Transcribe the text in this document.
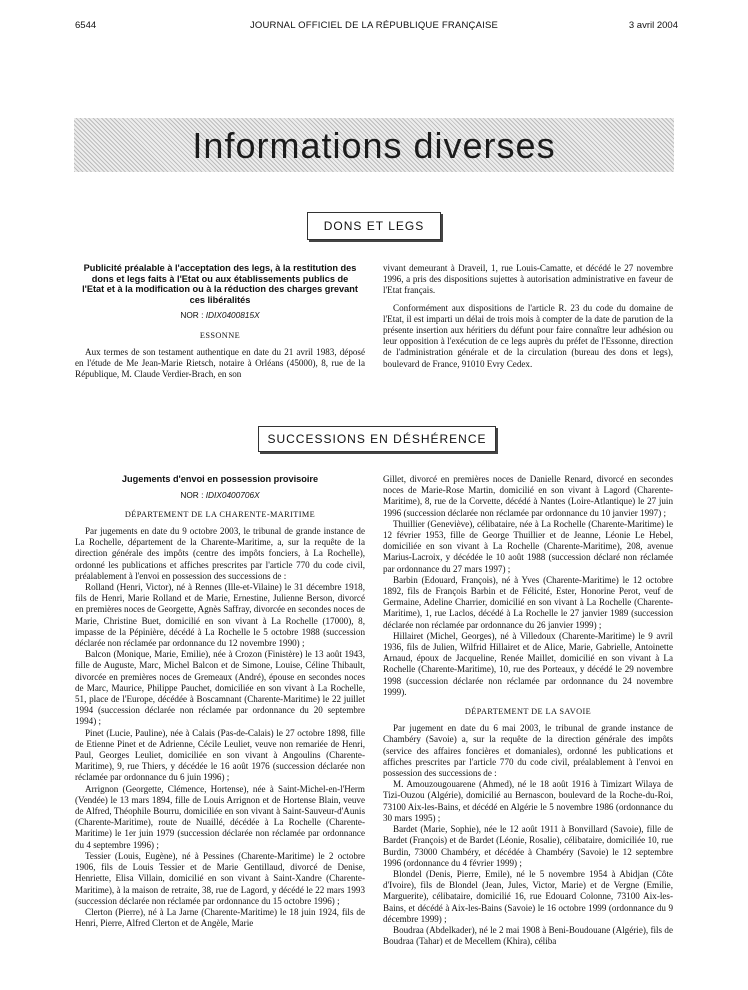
6544	JOURNAL OFFICIEL DE LA RÉPUBLIQUE FRANÇAISE	3 avril 2004
Informations diverses
DONS ET LEGS
Publicité préalable à l'acceptation des legs, à la restitution des dons et legs faits à l'Etat ou aux établissements publics de l'Etat et à la modification ou à la réduction des charges grevant ces libéralités
NOR : IDIX0400815X
ESSONNE

Aux termes de son testament authentique en date du 21 avril 1983, déposé en l'étude de Me Jean-Marie Rietsch, notaire à Orléans (45000), 8, rue de la République, M. Claude Verdier-Brach, en son

vivant demeurant à Draveil, 1, rue Louis-Camatte, et décédé le 27 novembre 1996, a pris des dispositions sujettes à autorisation administrative en faveur de l'Etat français.

Conformément aux dispositions de l'article R. 23 du code du domaine de l'Etat, il est imparti un délai de trois mois à compter de la date de parution de la présente insertion aux héritiers du défunt pour faire connaître leur adhésion ou leur opposition à l'exécution de ce legs auprès du préfet de l'Essonne, direction de l'administration générale et de la circulation (bureau des dons et legs), boulevard de France, 91010 Evry Cedex.

SUCCESSIONS EN DÉSHÉRENCE
Jugements d'envoi en possession provisoire
NOR : IDIX0400706X
DÉPARTEMENT DE LA CHARENTE-MARITIME

Par jugements en date du 9 octobre 2003, le tribunal de grande instance de La Rochelle, département de la Charente-Maritime, a, sur la requête de la direction générale des impôts (centre des impôts fonciers, à La Rochelle), ordonné les publications et affiches prescrites par l'article 770 du code civil, préalablement à l'envoi en possession des successions de :

Rolland (Henri, Victor), né à Rennes (Ille-et-Vilaine) le 31 décembre 1918, fils de Henri, Marie Rolland et de Marie, Ernestine, Julienne Berson, divorcé en premières noces de Georgette, Agnès Saffray, divorcée en secondes noces de Marie, Christine Buet, domicilié en son vivant à La Rochelle (17000), 8, impasse de la Pépinière, décédé à La Rochelle le 5 octobre 1988 (succession déclarée non réclamée par ordonnance du 12 novembre 1990) ;

Balcon (Monique, Marie, Emilie), née à Crozon (Finistère) le 13 août 1943, fille de Auguste, Marc, Michel Balcon et de Simone, Louise, Céline Thibault, divorcée en premières noces de Gremeaux (André), épouse en secondes noces de Marc, Maurice, Philippe Pauchet, domiciliée en son vivant à La Rochelle, 51, place de l'Europe, décédée à Boscamnant (Charente-Maritime) le 22 juillet 1994 (succession déclarée non réclamée par ordonnance du 20 septembre 1994) ;

Pinet (Lucie, Pauline), née à Calais (Pas-de-Calais) le 27 octobre 1898, fille de Etienne Pinet et de Adrienne, Cécile Leuliet, veuve non remariée de Henri, Paul, Georges Leuliet, domiciliée en son vivant à Angoulins (Charente-Maritime), 9, rue Thiers, y décédée le 16 août 1976 (succession déclarée non réclamée par ordonnance du 6 juin 1996) ;

Arrignon (Georgette, Clémence, Hortense), née à Saint-Michel-en-l'Herm (Vendée) le 13 mars 1894, fille de Louis Arrignon et de Hortense Blain, veuve de Alfred, Théophile Bourru, domiciliée en son vivant à Saint-Sauveur-d'Aunis (Charente-Maritime), route de Nuaillé, décédée à La Rochelle (Charente-Maritime) le 1er juin 1979 (succession déclarée non réclamée par ordonnance du 4 septembre 1996) ;

Tessier (Louis, Eugène), né à Pessines (Charente-Maritime) le 2 octobre 1906, fils de Louis Tessier et de Marie Gentillaud, divorcé de Denise, Henriette, Elisa Villain, domicilié en son vivant à Saint-Xandre (Charente-Maritime), à la maison de retraite, 38, rue de Lagord, y décédé le 22 mars 1993 (succession déclarée non réclamée par ordonnance du 15 octobre 1996) ;

Clerton (Pierre), né à La Jarne (Charente-Maritime) le 18 juin 1924, fils de Henri, Pierre, Alfred Clerton et de Angèle, Marie

Gillet, divorcé en premières noces de Danielle Renard, divorcé en secondes noces de Marie-Rose Martin, domicilié en son vivant à Lagord (Charente-Maritime), 8, rue de la Corvette, décédé à Nantes (Loire-Atlantique) le 27 juin 1996 (succession déclarée non réclamée par ordonnance du 10 janvier 1997) ;

Thuillier (Geneviève), célibataire, née à La Rochelle (Charente-Maritime) le 12 février 1953, fille de George Thuillier et de Jeanne, Léonie Le Hebel, domiciliée en son vivant à La Rochelle (Charente-Maritime), 208, avenue Marius-Lacroix, y décédée le 10 août 1988 (succession déclaré non réclamée par ordonnance du 27 mars 1997) ;

Barbin (Edouard, François), né à Yves (Charente-Maritime) le 12 octobre 1892, fils de François Barbin et de Félicité, Ester, Honorine Perot, veuf de Germaine, Adeline Charrier, domicilié en son vivant à La Rochelle (Charente-Maritime), 1, rue Laclos, décédé à La Rochelle le 27 janvier 1989 (succession déclarée non réclamée par ordonnance du 26 janvier 1999) ;

Hillairet (Michel, Georges), né à Villedoux (Charente-Maritime) le 9 avril 1936, fils de Julien, Wilfrid Hillairet et de Alice, Marie, Gabrielle, Antoinette Arnaud, époux de Jacqueline, Renée Maillet, domicilié en son vivant à La Rochelle (Charente-Maritime), 10, rue des Porteaux, y décédé le 29 novembre 1998 (succession déclarée non réclamée par ordonnance du 24 novembre 1999).

DÉPARTEMENT DE LA SAVOIE

Par jugement en date du 6 mai 2003, le tribunal de grande instance de Chambéry (Savoie) a, sur la requête de la direction générale des impôts (service des affaires foncières et domaniales), ordonné les publications et affiches prescrites par l'article 770 du code civil, préalablement à l'envoi en possession des successions de :

M. Amouzougouarene (Ahmed), né le 18 août 1916 à Timizart Wilaya de Tizi-Ouzou (Algérie), domicilié au Bernascon, boulevard de la Roche-du-Roi, 73100 Aix-les-Bains, et décédé en Algérie le 5 novembre 1986 (ordonnance du 30 mars 1995) ;

Bardet (Marie, Sophie), née le 12 août 1911 à Bonvillard (Savoie), fille de Bardet (François) et de Bardet (Léonie, Rosalie), célibataire, domiciliée 10, rue Burdin, 73000 Chambéry, et décédée à Chambéry (Savoie) le 12 septembre 1996 (ordonnance du 4 février 1999) ;

Blondel (Denis, Pierre, Emile), né le 5 novembre 1954 à Abidjan (Côte d'Ivoire), fils de Blondel (Jean, Jules, Victor, Marie) et de Vergne (Emilie, Marguerite), célibataire, domicilié 16, rue Edouard Colonne, 73100 Aix-les-Bains, et décédé à Aix-les-Bains (Savoie) le 16 octobre 1999 (ordonnance du 9 décembre 1999) ;

Boudraa (Abdelkader), né le 2 mai 1908 à Beni-Boudouane (Algérie), fils de Boudraa (Tahar) et de Mecellem (Khira), céliba
